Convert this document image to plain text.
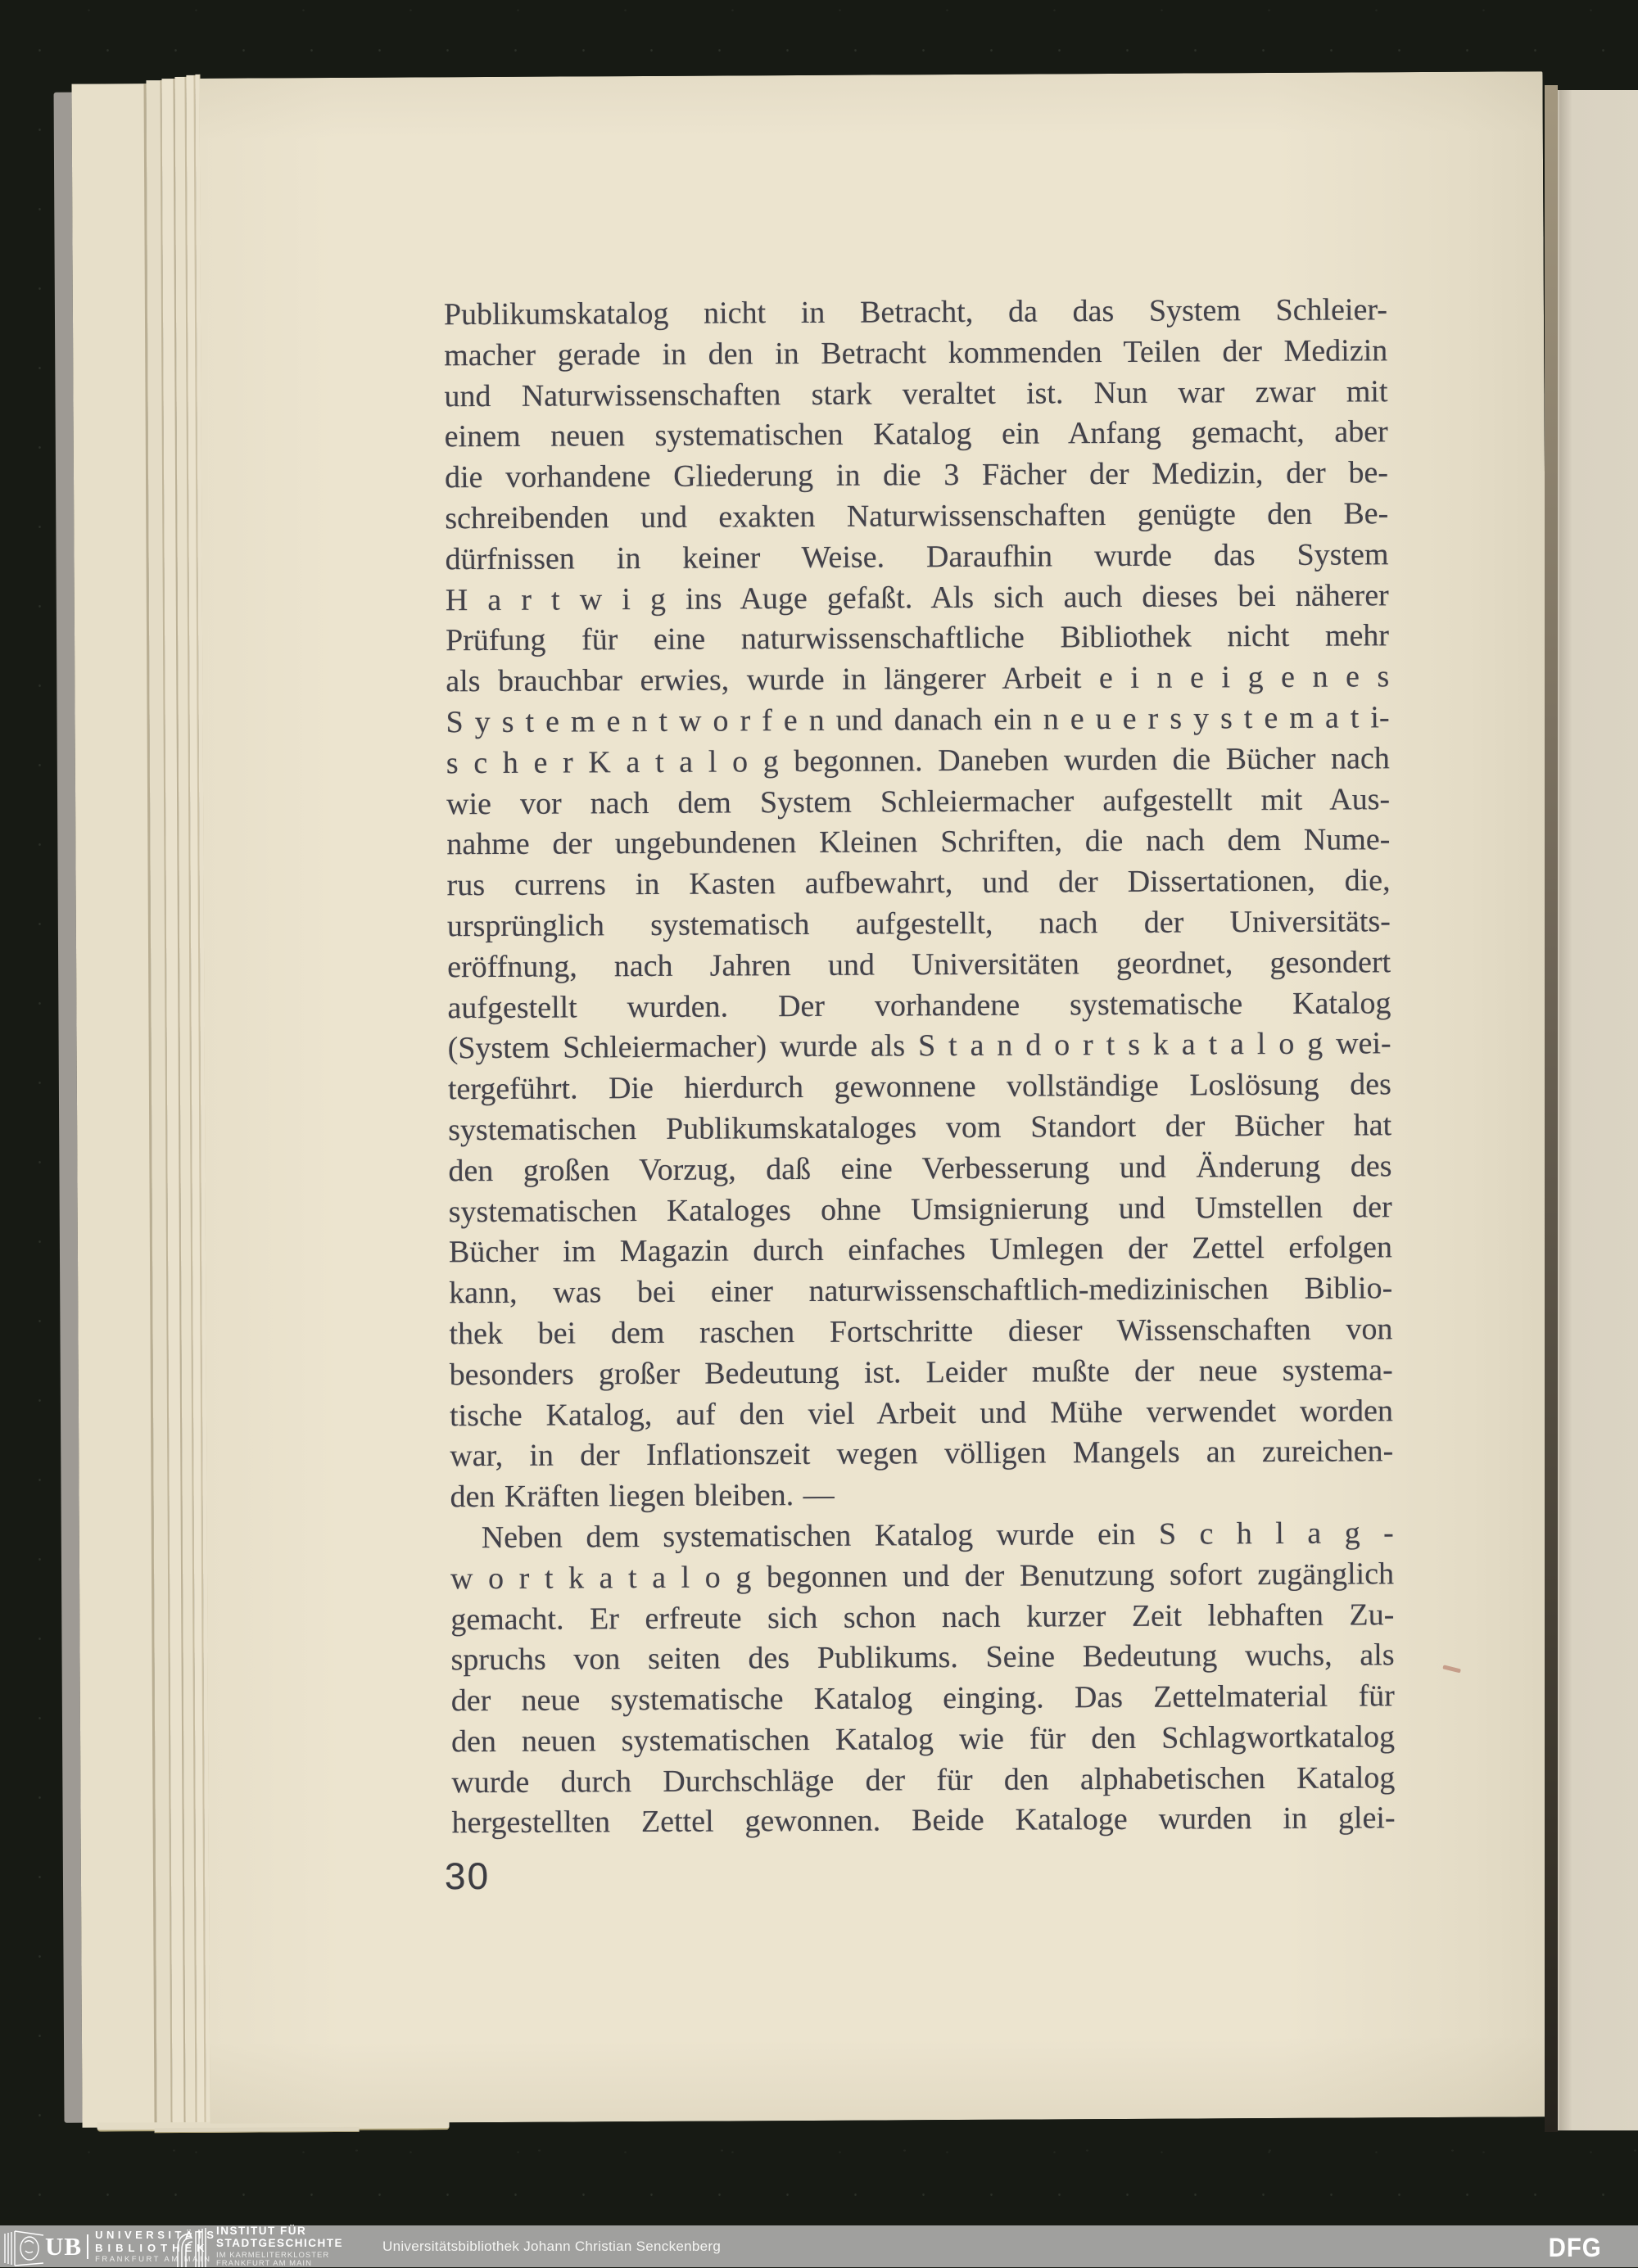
Publikumskatalog nicht in Betracht, da das System Schleier-
macher gerade in den in Betracht kommenden Teilen der Medizin
und Naturwissenschaften stark veraltet ist. Nun war zwar mit
einem neuen systematischen Katalog ein Anfang gemacht, aber
die vorhandene Gliederung in die 3 Fächer der Medizin, der be-
schreibenden und exakten Naturwissenschaften genügte den Be-
dürfnissen in keiner Weise. Daraufhin wurde das System
H a r t w i g ins Auge gefaßt. Als sich auch dieses bei näherer
Prüfung für eine naturwissenschaftliche Bibliothek nicht mehr
als brauchbar erwies, wurde in längerer Arbeit e i n e i g e n e s
S y s t e m e n t w o r f e n und danach ein n e u e r s y s t e m a t i-
s c h e r K a t a l o g begonnen. Daneben wurden die Bücher nach
wie vor nach dem System Schleiermacher aufgestellt mit Aus-
nahme der ungebundenen Kleinen Schriften, die nach dem Nume-
rus currens in Kasten aufbewahrt, und der Dissertationen, die,
ursprünglich systematisch aufgestellt, nach der Universitäts-
eröffnung, nach Jahren und Universitäten geordnet, gesondert
aufgestellt wurden. Der vorhandene systematische Katalog
(System Schleiermacher) wurde als S t a n d o r t s k a t a l o g wei-
tergeführt. Die hierdurch gewonnene vollständige Loslösung des
systematischen Publikumskataloges vom Standort der Bücher hat
den großen Vorzug, daß eine Verbesserung und Änderung des
systematischen Kataloges ohne Umsignierung und Umstellen der
Bücher im Magazin durch einfaches Umlegen der Zettel erfolgen
kann, was bei einer naturwissenschaftlich-medizinischen Biblio-
thek bei dem raschen Fortschritte dieser Wissenschaften von
besonders großer Bedeutung ist. Leider mußte der neue systema-
tische Katalog, auf den viel Arbeit und Mühe verwendet worden
war, in der Inflationszeit wegen völligen Mangels an zureichen-
den Kräften liegen bleiben. —
Neben dem systematischen Katalog wurde ein S c h l a g -
w o r t k a t a l o g begonnen und der Benutzung sofort zugänglich
gemacht. Er erfreute sich schon nach kurzer Zeit lebhaften Zu-
spruchs von seiten des Publikums. Seine Bedeutung wuchs, als
der neue systematische Katalog einging. Das Zettelmaterial für
den neuen systematischen Katalog wie für den Schlagwortkatalog
wurde durch Durchschläge der für den alphabetischen Katalog
hergestellten Zettel gewonnen. Beide Kataloge wurden in glei-
30
UB UNIVERSITÄTS
BIBLIOTHEK
FRANKFURT AM MAIN
INSTITUT FÜR
STADTGESCHICHTE
IM KARMELITERKLOSTER
FRANKFURT AM MAIN
Universitätsbibliothek Johann Christian Senckenberg	DFG
